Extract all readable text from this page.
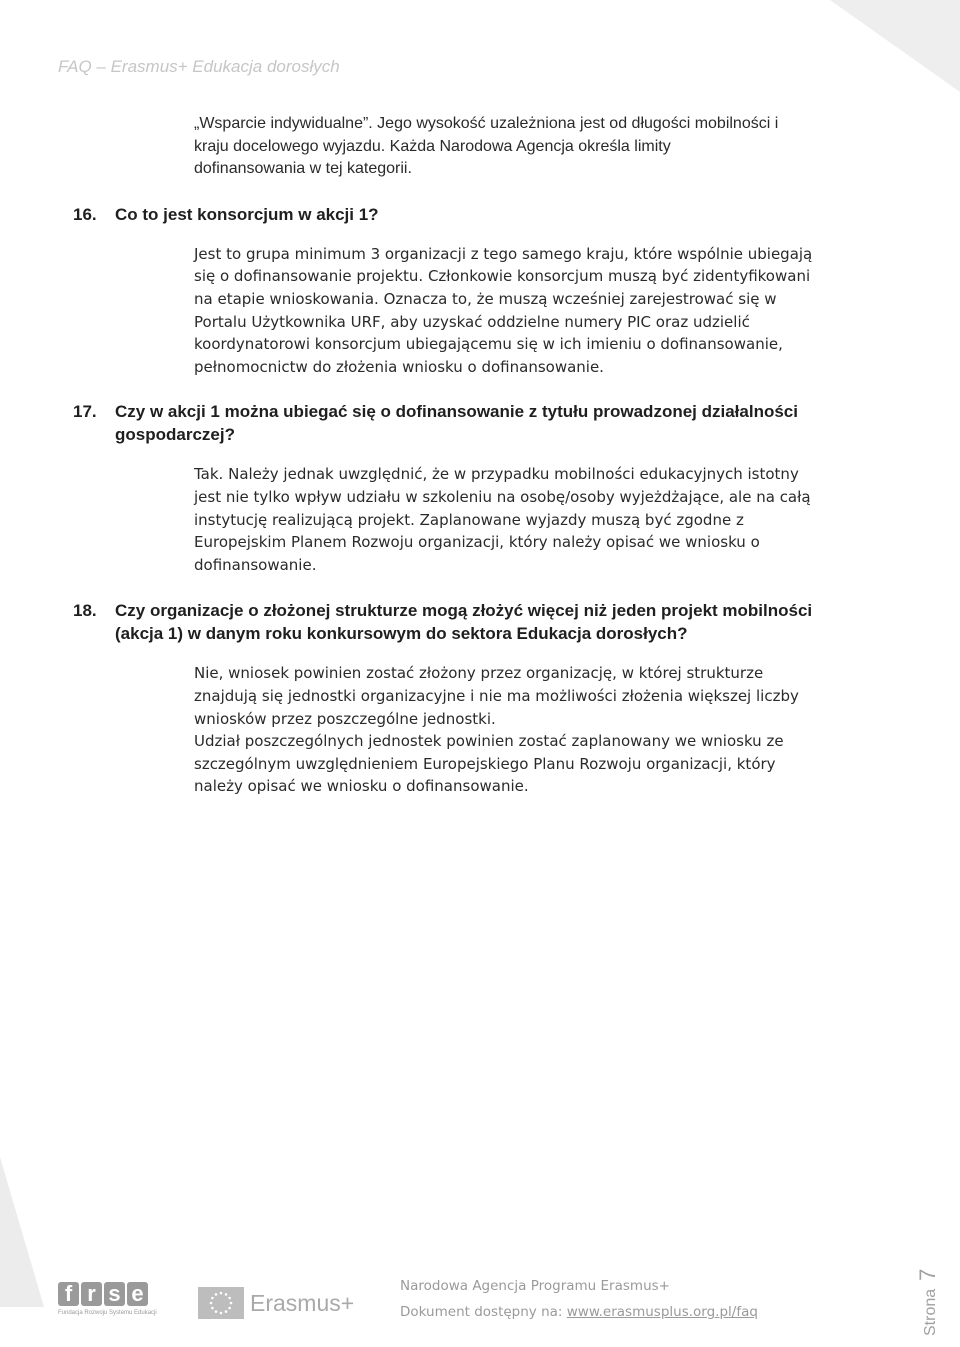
FAQ – Erasmus+ Edukacja dorosłych
„Wsparcie indywidualne”. Jego wysokość uzależniona jest od długości mobilności i
kraju docelowego wyjazdu. Każda Narodowa Agencja określa limity
dofinansowania w tej kategorii.
16. Co to jest konsorcjum w akcji 1?
Jest to grupa minimum 3 organizacji z tego samego kraju, które wspólnie ubiegają
się o dofinansowanie projektu. Członkowie konsorcjum muszą być zidentyfikowani
na etapie wnioskowania. Oznacza to, że muszą wcześniej zarejestrować się w
Portalu Użytkownika URF, aby uzyskać oddzielne numery PIC oraz udzielić
koordynatorowi konsorcjum ubiegającemu się w ich imieniu o dofinansowanie,
pełnomocnictw do złożenia wniosku o dofinansowanie.
17. Czy w akcji 1 można ubiegać się o dofinansowanie z tytułu prowadzonej działalności
gospodarczej?
Tak. Należy jednak uwzględnić, że w przypadku mobilności edukacyjnych istotny
jest nie tylko wpływ udziału w szkoleniu na osobę/osoby wyjeżdżające, ale na całą
instytucję realizującą projekt. Zaplanowane wyjazdy muszą być zgodne z
Europejskim Planem Rozwoju organizacji, który należy opisać we wniosku o
dofinansowanie.
18. Czy organizacje o złożonej strukturze mogą złożyć więcej niż jeden projekt mobilności
(akcja 1) w danym roku konkursowym do sektora Edukacja dorosłych?
Nie, wniosek powinien zostać złożony przez organizację, w której strukturze
znajdują się jednostki organizacyjne i nie ma możliwości złożenia większej liczby
wniosków przez poszczególne jednostki.
Udział poszczególnych jednostek powinien zostać zaplanowany we wniosku ze
szczególnym uwzględnieniem Europejskiego Planu Rozwoju organizacji, który
należy opisać we wniosku o dofinansowanie.
f r s e
Fundacja Rozwoju Systemu Edukacji	Erasmus+
Narodowa Agencja Programu Erasmus+
Dokument dostępny na: www.erasmusplus.org.pl/faq	Strona7
